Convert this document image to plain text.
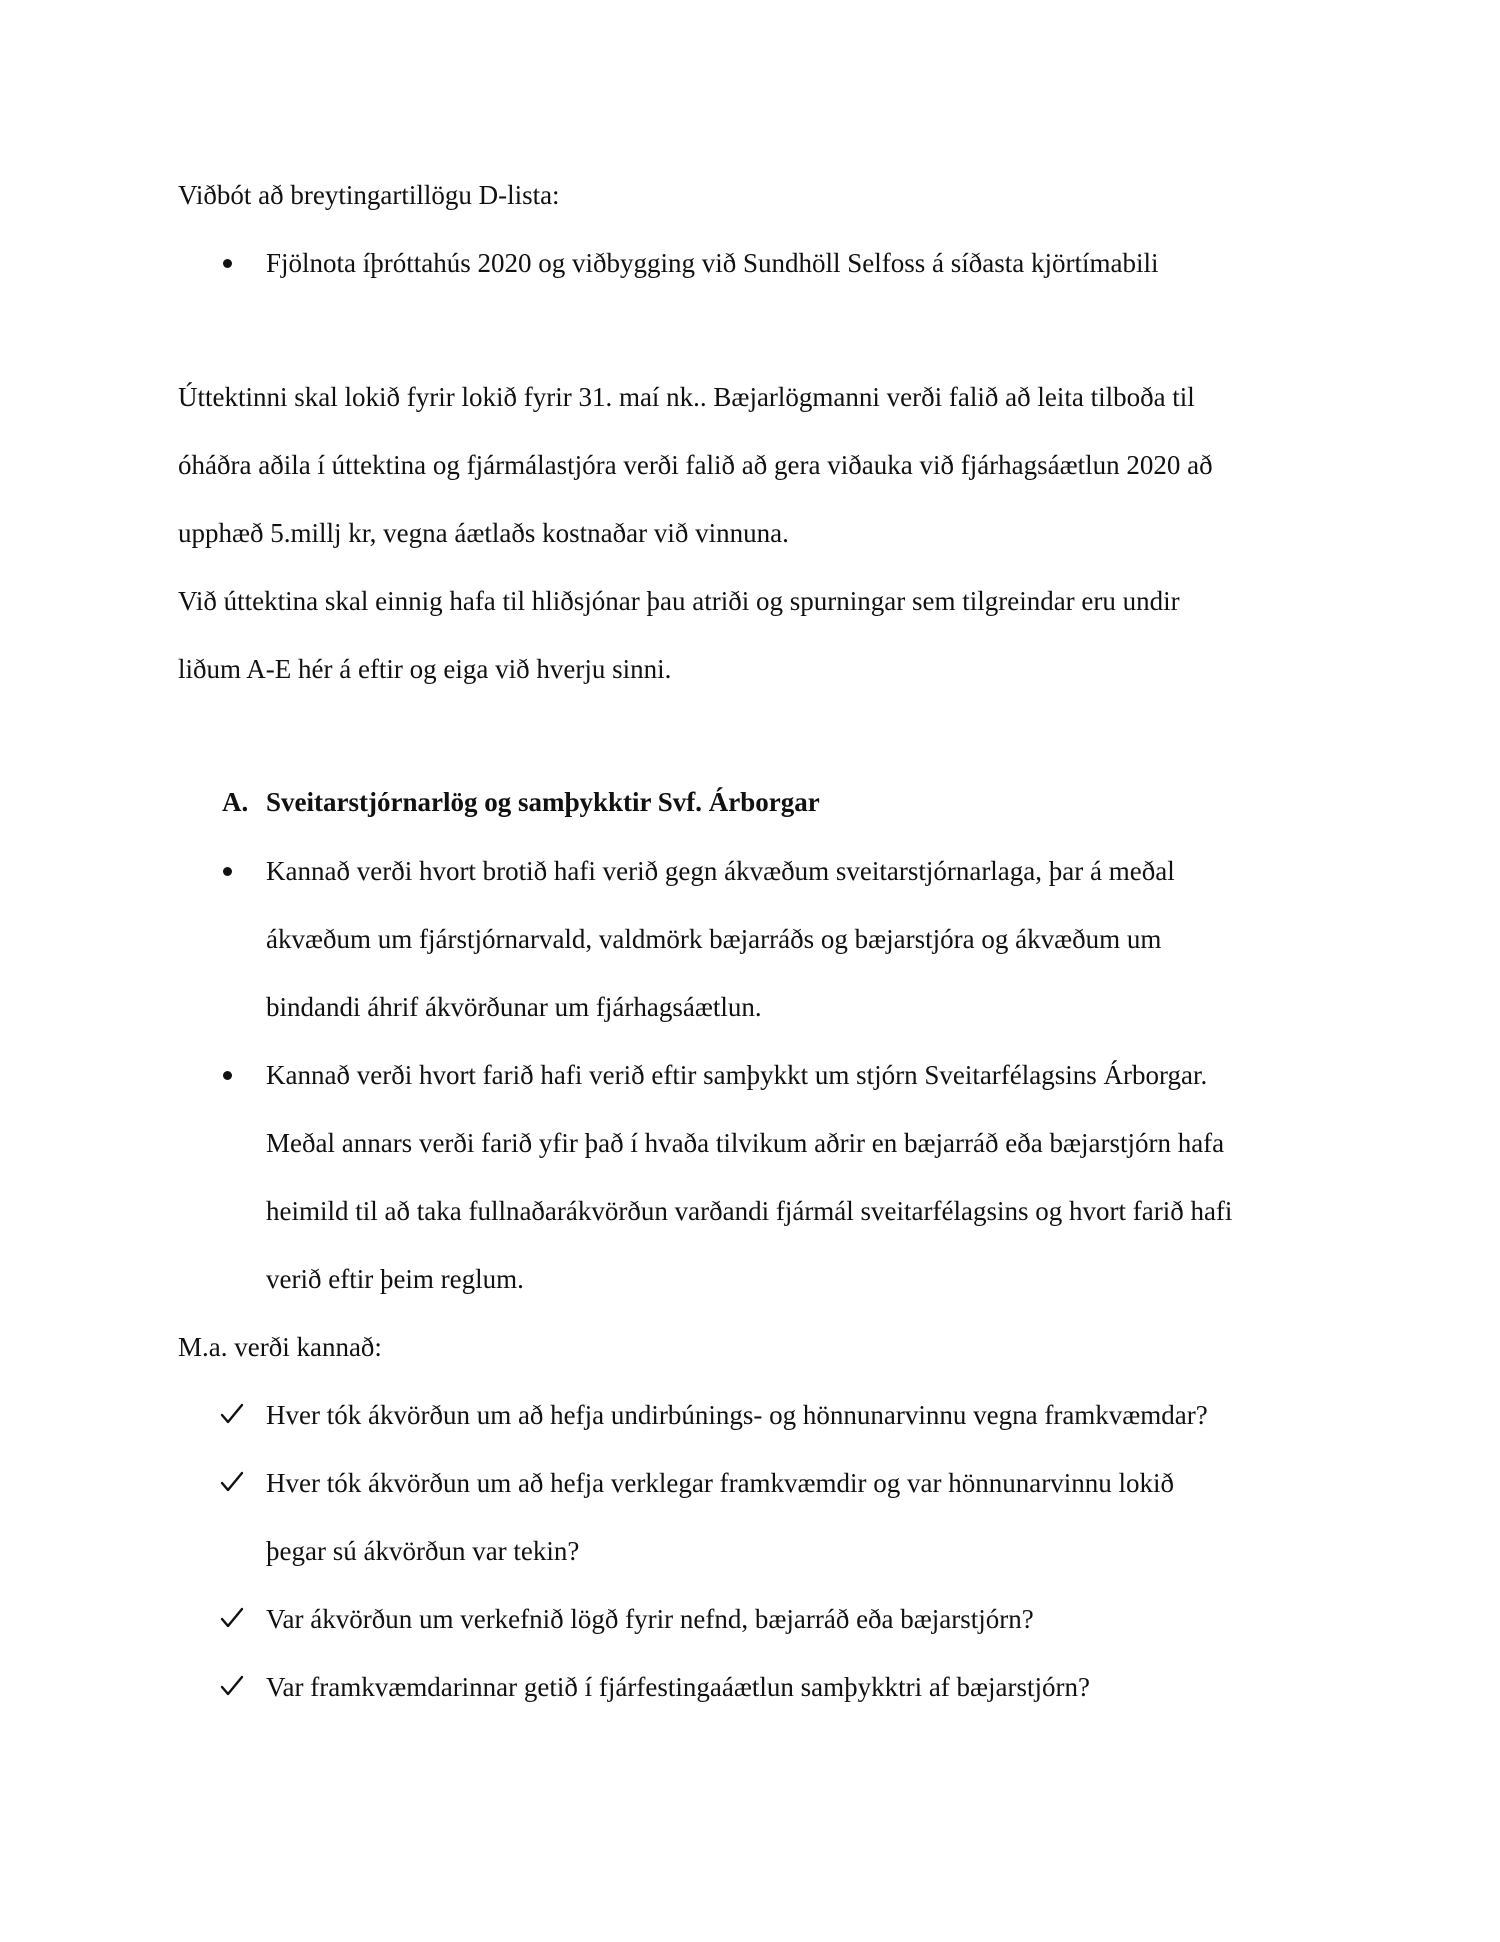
Viðbót að breytingartillögu D-lista:
Fjölnota íþróttahús 2020 og viðbygging við Sundhöll Selfoss á síðasta kjörtímabili
Úttektinni skal lokið fyrir lokið fyrir 31. maí nk.. Bæjarlögmanni verði falið að leita tilboða til
óháðra aðila í úttektina og fjármálastjóra verði falið að gera viðauka við fjárhagsáætlun 2020 að
upphæð 5.millj kr, vegna áætlaðs kostnaðar við vinnuna.
Við úttektina skal einnig hafa til hliðsjónar þau atriði og spurningar sem tilgreindar eru undir
liðum A-E hér á eftir og eiga við hverju sinni.
A. Sveitarstjórnarlög og samþykktir Svf. Árborgar
Kannað verði hvort brotið hafi verið gegn ákvæðum sveitarstjórnarlaga, þar á meðal
ákvæðum um fjárstjórnarvald, valdmörk bæjarráðs og bæjarstjóra og ákvæðum um
bindandi áhrif ákvörðunar um fjárhagsáætlun.
Kannað verði hvort farið hafi verið eftir samþykkt um stjórn Sveitarfélagsins Árborgar.
Meðal annars verði farið yfir það í hvaða tilvikum aðrir en bæjarráð eða bæjarstjórn hafa
heimild til að taka fullnaðarákvörðun varðandi fjármál sveitarfélagsins og hvort farið hafi
verið eftir þeim reglum.
M.a. verði kannað:
Hver tók ákvörðun um að hefja undirbúnings- og hönnunarvinnu vegna framkvæmdar?
Hver tók ákvörðun um að hefja verklegar framkvæmdir og var hönnunarvinnu lokið
þegar sú ákvörðun var tekin?
Var ákvörðun um verkefnið lögð fyrir nefnd, bæjarráð eða bæjarstjórn?
Var framkvæmdarinnar getið í fjárfestingaáætlun samþykktri af bæjarstjórn?
